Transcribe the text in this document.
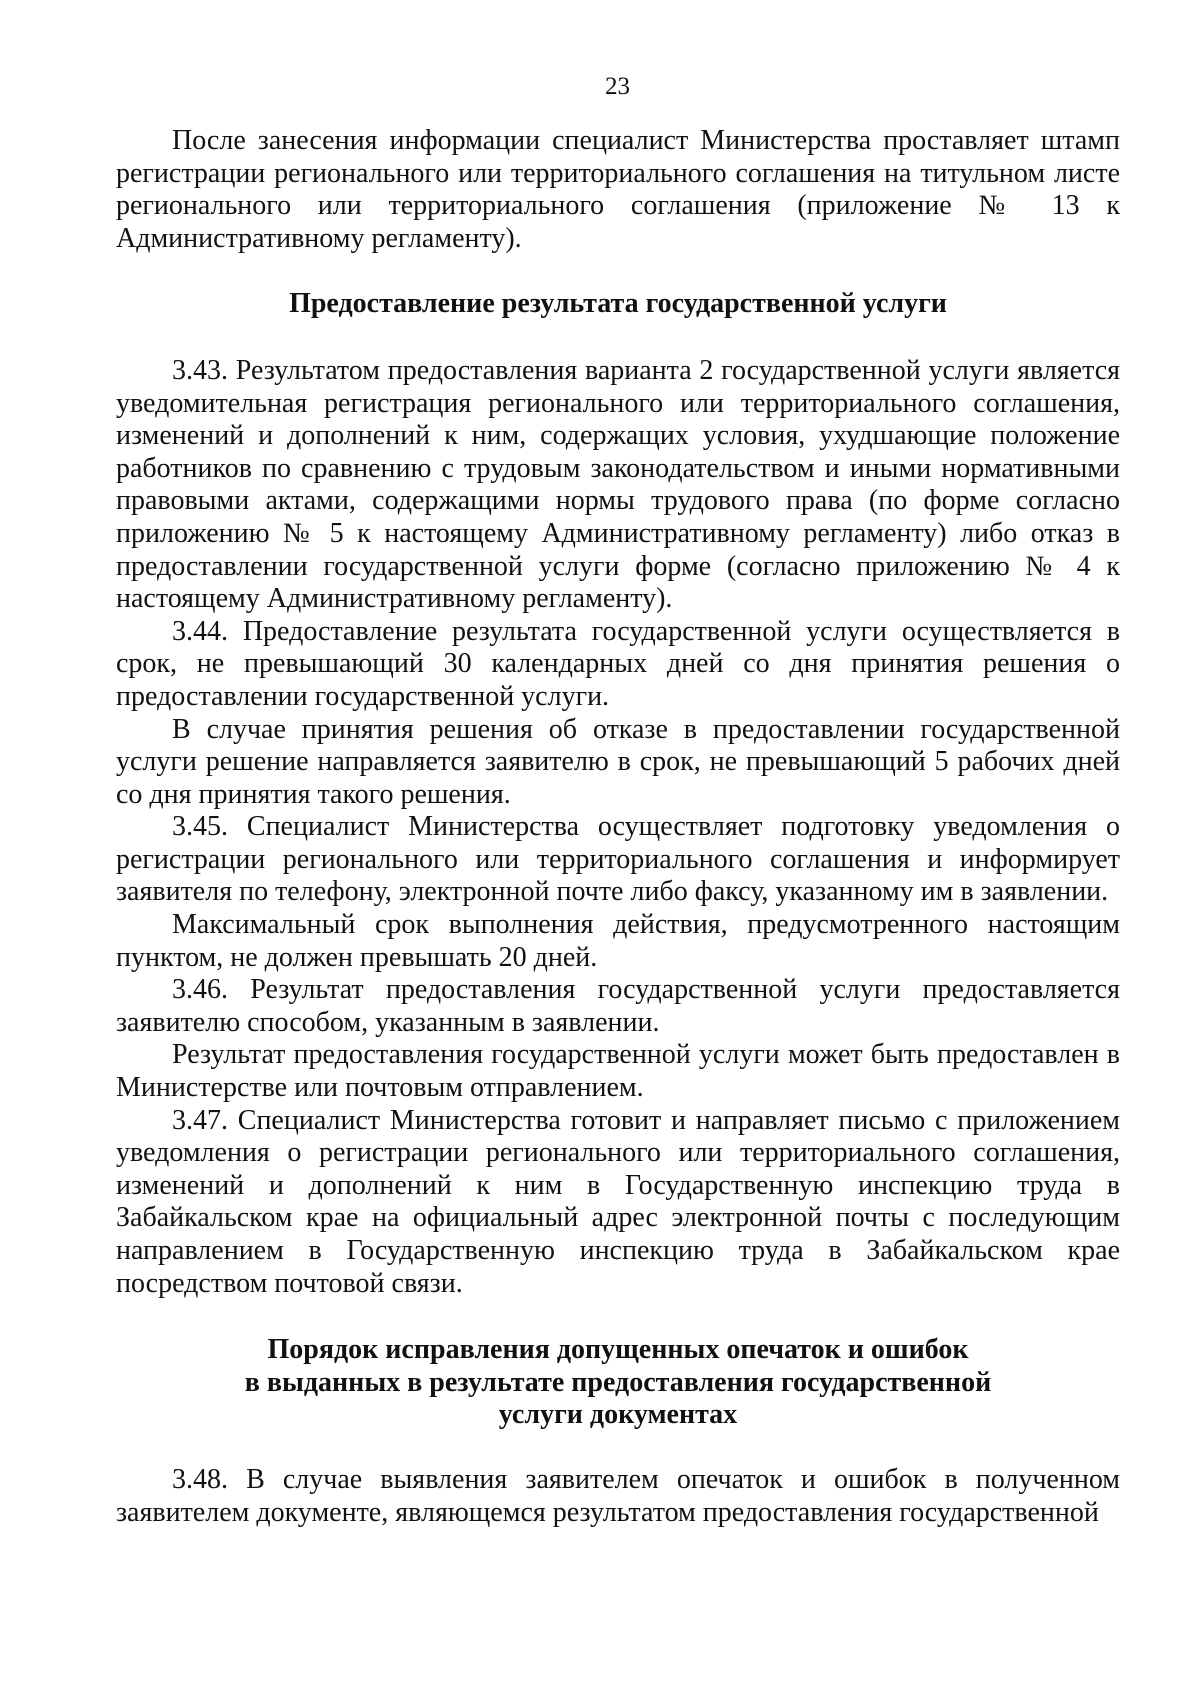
23

После занесения информации специалист Министерства проставляет штамп регистрации регионального или территориального соглашения на титульном листе регионального или территориального соглашения (приложение № 13 к Административному регламенту).

Предоставление результата государственной услуги

3.43. Результатом предоставления варианта 2 государственной услуги является уведомительная регистрация регионального или территориального соглашения, изменений и дополнений к ним, содержащих условия, ухудшающие положение работников по сравнению с трудовым законодательством и иными нормативными правовыми актами, содержащими нормы трудового права (по форме согласно приложению № 5 к настоящему Административному регламенту) либо отказ в предоставлении государственной услуги форме (согласно приложению № 4 к настоящему Административному регламенту).

3.44. Предоставление результата государственной услуги осуществляется в срок, не превышающий 30 календарных дней со дня принятия решения о предоставлении государственной услуги.

В случае принятия решения об отказе в предоставлении государственной услуги решение направляется заявителю в срок, не превышающий 5 рабочих дней со дня принятия такого решения.

3.45. Специалист Министерства осуществляет подготовку уведомления о регистрации регионального или территориального соглашения и информирует заявителя по телефону, электронной почте либо факсу, указанному им в заявлении.

Максимальный срок выполнения действия, предусмотренного настоящим пунктом, не должен превышать 20 дней.

3.46. Результат предоставления государственной услуги предоставляется заявителю способом, указанным в заявлении.

Результат предоставления государственной услуги может быть предоставлен в Министерстве или почтовым отправлением.

3.47. Специалист Министерства готовит и направляет письмо с приложением уведомления о регистрации регионального или территориального соглашения, изменений и дополнений к ним в Государственную инспекцию труда в Забайкальском крае на официальный адрес электронной почты с последующим направлением в Государственную инспекцию труда в Забайкальском крае посредством почтовой связи.

Порядок исправления допущенных опечаток и ошибок

в выданных в результате предоставления государственной

услуги документах

3.48. В случае выявления заявителем опечаток и ошибок в полученном заявителем документе, являющемся результатом предоставления государственной
